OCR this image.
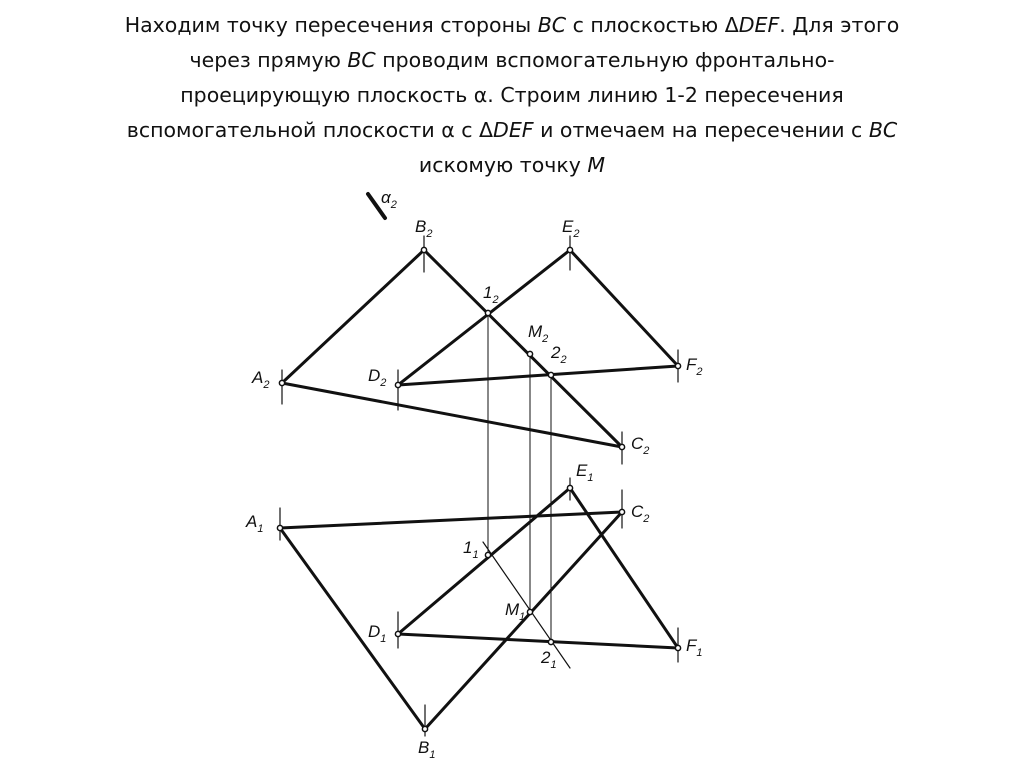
Находим точку пересечения стороны BC с плоскостью ΔDEF. Для этого
через прямую BC проводим вспомогательную фронтально-
проецирующую плоскость α. Строим линию 1-2 пересечения
вспомогательной плоскости α с ΔDEF и отмечаем на пересечении с BC
искомую точку M
$\alpha_2$
$B_2$	$E_2$
$1_2$
$M_2$
$2_2$
$A_2$	$D_2$
$F_2$
$C_2$
$E_1$
$C_2$
$A_1$
$1_1$
$M_1$
$D_1$	$F_1$
$2_1$
$B_1$
